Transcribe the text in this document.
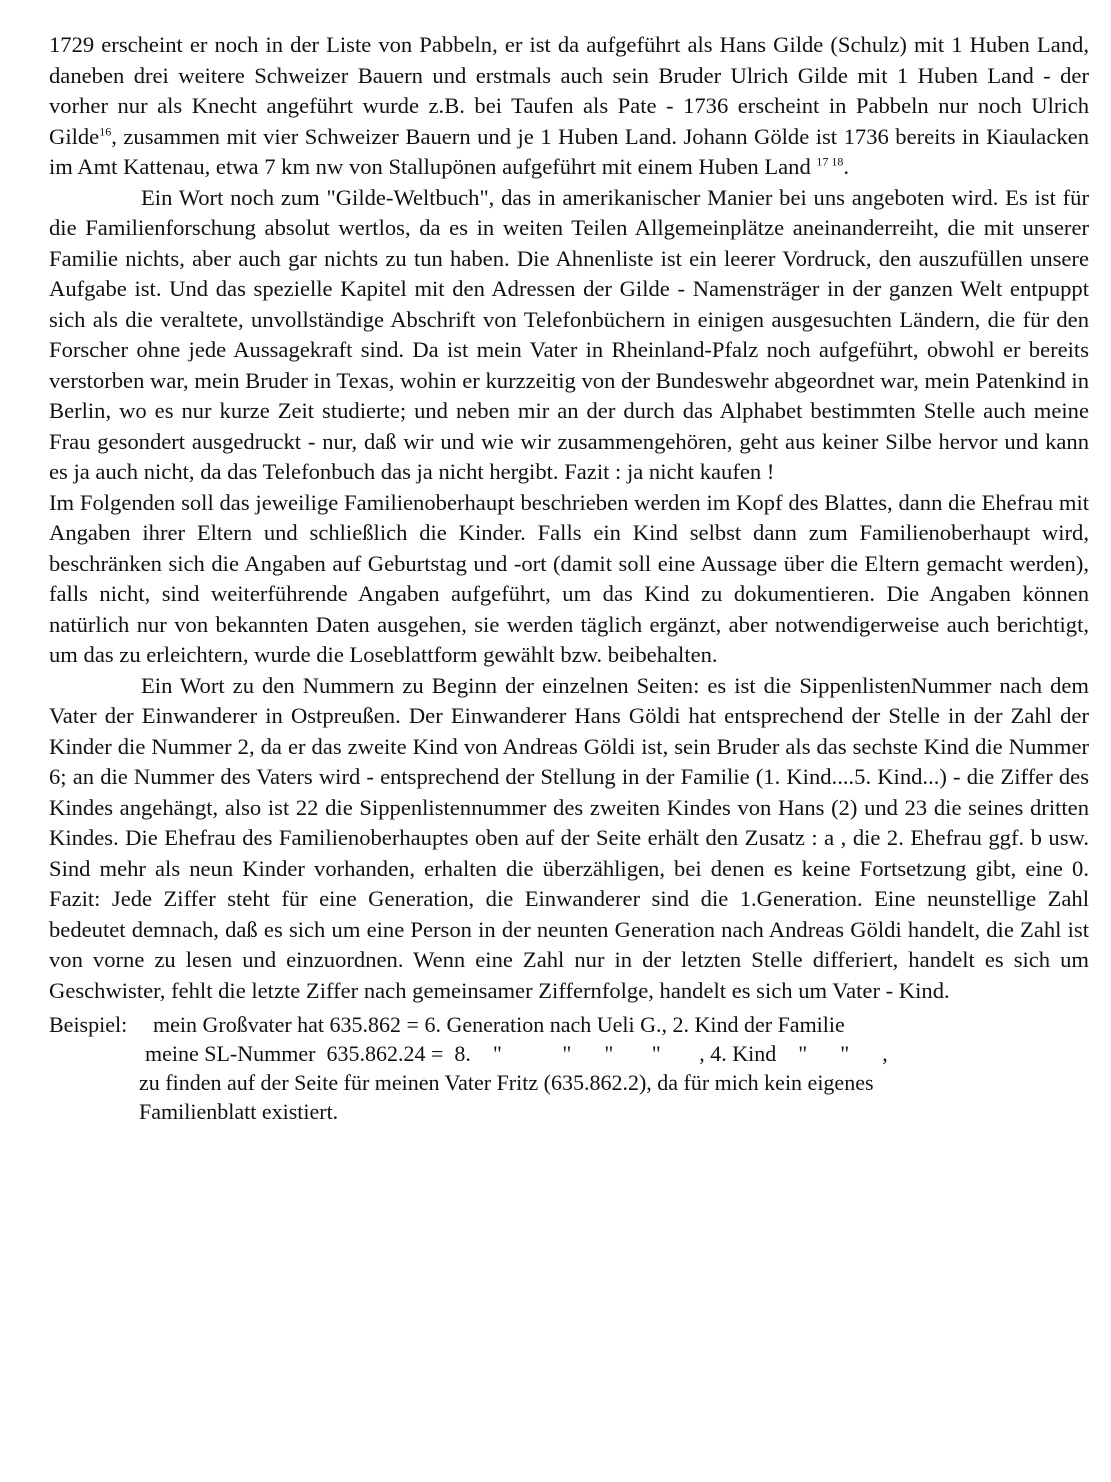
1729 erscheint er noch in der Liste von Pabbeln, er ist da aufgeführt als Hans Gilde (Schulz) mit 1 Huben Land, daneben drei weitere Schweizer Bauern und erstmals auch sein Bruder Ulrich Gilde mit 1 Huben Land - der vorher nur als Knecht angeführt wurde z.B. bei Taufen als Pate - 1736 erscheint in Pabbeln nur noch Ulrich Gilde$^{16}$, zusammen mit vier Schweizer Bauern und je 1 Huben Land. Johann Gölde ist 1736 bereits in Kiaulacken im Amt Kattenau, etwa 7 km nw von Stallupönen aufgeführt mit einem Huben Land $^{17 18}$.

Ein Wort noch zum "Gilde-Weltbuch", das in amerikanischer Manier bei uns angeboten wird. Es ist für die Familienforschung absolut wertlos, da es in weiten Teilen Allgemeinplätze aneinanderreiht, die mit unserer Familie nichts, aber auch gar nichts zu tun haben. Die Ahnenliste ist ein leerer Vordruck, den auszufüllen unsere Aufgabe ist. Und das spezielle Kapitel mit den Adressen der Gilde - Namensträger in der ganzen Welt entpuppt sich als die veraltete, unvollständige Abschrift von Telefonbüchern in einigen ausgesuchten Ländern, die für den Forscher ohne jede Aussagekraft sind. Da ist mein Vater in Rheinland-Pfalz noch aufgeführt, obwohl er bereits verstorben war, mein Bruder in Texas, wohin er kurzzeitig von der Bundeswehr abgeordnet war, mein Patenkind in Berlin, wo es nur kurze Zeit studierte; und neben mir an der durch das Alphabet bestimmten Stelle auch meine Frau gesondert ausgedruckt - nur, daß wir und wie wir zusammengehören, geht aus keiner Silbe hervor und kann es ja auch nicht, da das Telefonbuch das ja nicht hergibt. Fazit : ja nicht kaufen !

Im Folgenden soll das jeweilige Familienoberhaupt beschrieben werden im Kopf des Blattes, dann die Ehefrau mit Angaben ihrer Eltern und schließlich die Kinder. Falls ein Kind selbst dann zum Familienoberhaupt wird, beschränken sich die Angaben auf Geburtstag und -ort (damit soll eine Aussage über die Eltern gemacht werden), falls nicht, sind weiterführende Angaben aufgeführt, um das Kind zu dokumentieren. Die Angaben können natürlich nur von bekannten Daten ausgehen, sie werden täglich ergänzt, aber notwendigerweise auch berichtigt, um das zu erleichtern, wurde die Loseblattform gewählt bzw. beibehalten.

Ein Wort zu den Nummern zu Beginn der einzelnen Seiten: es ist die SippenlistenNummer nach dem Vater der Einwanderer in Ostpreußen. Der Einwanderer Hans Göldi hat entsprechend der Stelle in der Zahl der Kinder die Nummer 2, da er das zweite Kind von Andreas Göldi ist, sein Bruder als das sechste Kind die Nummer 6; an die Nummer des Vaters wird - entsprechend der Stellung in der Familie (1. Kind....5. Kind...) - die Ziffer des Kindes angehängt, also ist 22 die Sippenlistennummer des zweiten Kindes von Hans (2) und 23 die seines dritten Kindes. Die Ehefrau des Familienoberhauptes oben auf der Seite erhält den Zusatz : a , die 2. Ehefrau ggf. b usw. Sind mehr als neun Kinder vorhanden, erhalten die überzähligen, bei denen es keine Fortsetzung gibt, eine 0. Fazit: Jede Ziffer steht für eine Generation, die Einwanderer sind die 1.Generation. Eine neunstellige Zahl bedeutet demnach, daß es sich um eine Person in der neunten Generation nach Andreas Göldi handelt, die Zahl ist von vorne zu lesen und einzuordnen. Wenn eine Zahl nur in der letzten Stelle differiert, handelt es sich um Geschwister, fehlt die letzte Ziffer nach gemeinsamer Ziffernfolge, handelt es sich um Vater - Kind.

Beispiel:	mein Großvater hat 635.862 = 6. Generation nach Ueli G., 2. Kind der Familie
meine SL-Nummer  635.862.24 =  8.    "           "      "       "       , 4. Kind    "      "      ,
zu finden auf der Seite für meinen Vater Fritz (635.862.2), da für mich kein eigenes
Familienblatt existiert.
